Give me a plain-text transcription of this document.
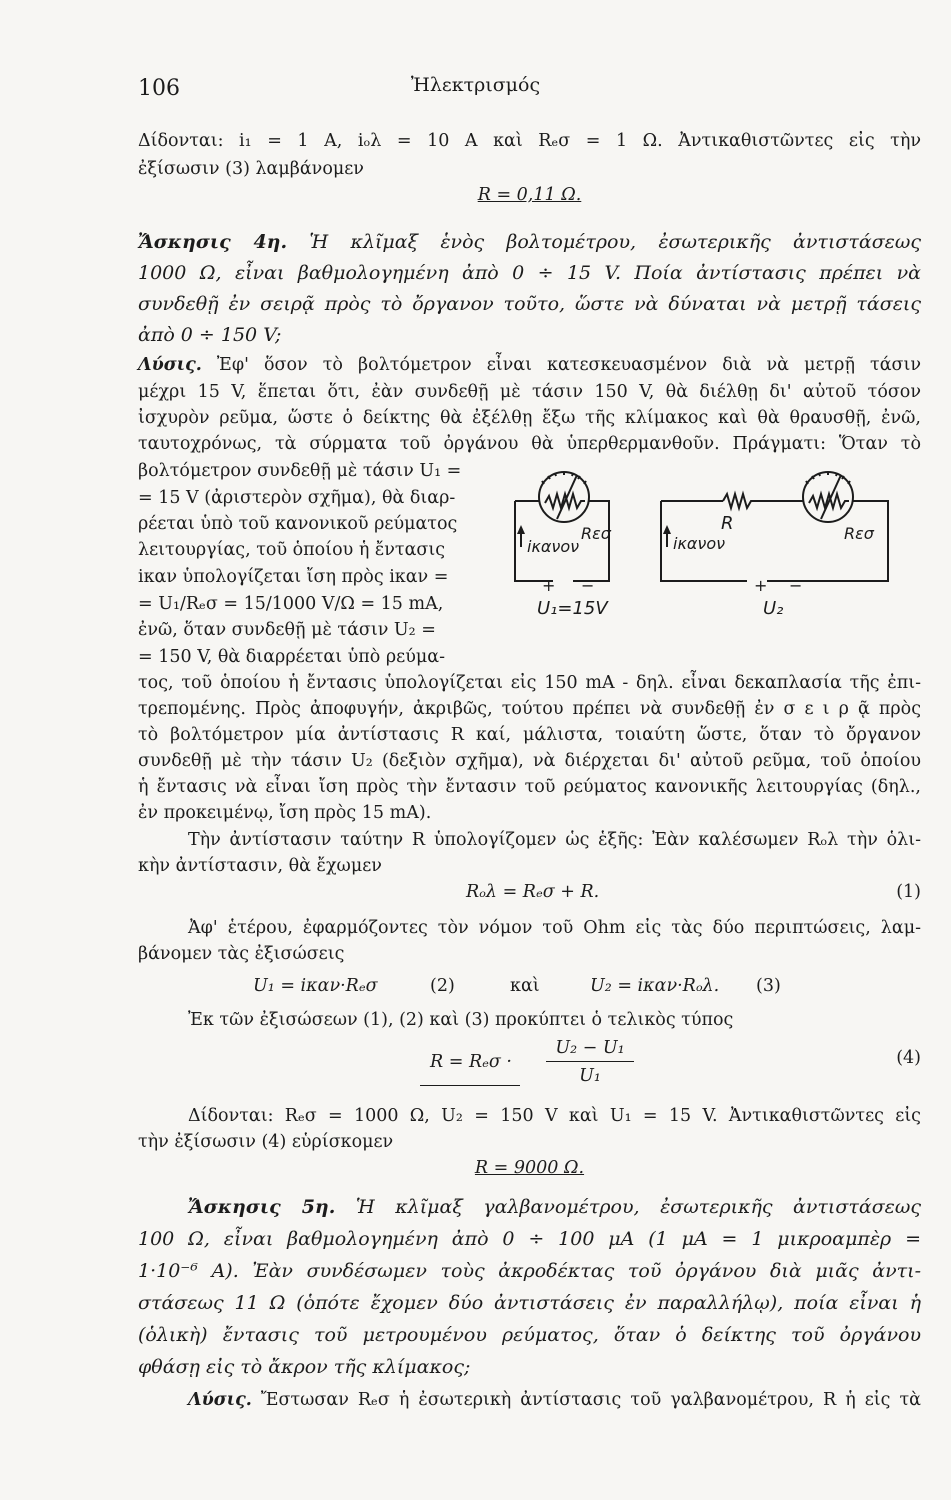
106	Ἠλεκτρισμός
Δίδονται: i₁ = 1 A, iₒλ = 10 A καὶ Rₑσ = 1 Ω. Ἀντικαθιστῶντες εἰς τὴν
ἐξίσωσιν (3) λαμβάνομεν
R = 0,11 Ω.
Ἄσκησις 4η. Ἡ κλῖμαξ ἑνὸς βολτομέτρου, ἐσωτερικῆς ἀντιστάσεως
1000 Ω, εἶναι βαθμολογημένη ἀπὸ 0 ÷ 15 V. Ποία ἀντίστασις πρέπει νὰ
συνδεθῇ ἐν σειρᾷ πρὸς τὸ ὄργανον τοῦτο, ὥστε νὰ δύναται νὰ μετρῇ τάσεις
ἀπὸ 0 ÷ 150 V;
Λύσις. Ἐφ' ὅσον τὸ βολτόμετρον εἶναι κατεσκευασμένον διὰ νὰ μετρῇ τάσιν
μέχρι 15 V, ἕπεται ὅτι, ἐὰν συνδεθῇ μὲ τάσιν 150 V, θὰ διέλθῃ δι' αὐτοῦ τόσον
ἰσχυρὸν ρεῦμα, ὥστε ὁ δείκτης θὰ ἐξέλθῃ ἔξω τῆς κλίμακος καὶ θὰ θραυσθῇ, ἐνῶ,
ταυτοχρόνως, τὰ σύρματα τοῦ ὀργάνου θὰ ὑπερθερμανθοῦν. Πράγματι: Ὅταν τὸ
βολτόμετρον συνδεθῇ μὲ τάσιν U₁ =
= 15 V (ἀριστερὸν σχῆμα), θὰ διαρ-
ρέεται ὑπὸ τοῦ κανονικοῦ ρεύματος
λειτουργίας, τοῦ ὁποίου ἡ ἔντασις
iκαν ὑπολογίζεται ἴση πρὸς iκαν =
= U₁/Rₑσ = 15/1000 V/Ω = 15 mA,
ἐνῶ, ὅταν συνδεθῇ μὲ τάσιν U₂ =
= 150 V, θὰ διαρρέεται ὑπὸ ρεύμα-
iκανον
Rεσ
+ −
U₁=15V
iκανον
R	Rεσ
+ −
U₂
τος, τοῦ ὁποίου ἡ ἔντασις ὑπολογίζεται εἰς 150 mA - δηλ. εἶναι δεκαπλασία τῆς ἐπι-
τρεπομένης. Πρὸς ἀποφυγήν, ἀκριβῶς, τούτου πρέπει νὰ συνδεθῇ ἐν σ ε ι ρ ᾷ πρὸς
τὸ βολτόμετρον μία ἀντίστασις R καί, μάλιστα, τοιαύτη ὥστε, ὅταν τὸ ὄργανον
συνδεθῇ μὲ τὴν τάσιν U₂ (δεξιὸν σχῆμα), νὰ διέρχεται δι' αὐτοῦ ρεῦμα, τοῦ ὁποίου
ἡ ἔντασις νὰ εἶναι ἴση πρὸς τὴν ἔντασιν τοῦ ρεύματος κανονικῆς λειτουργίας (δηλ.,
ἐν προκειμένῳ, ἴση πρὸς 15 mA).
Τὴν ἀντίστασιν ταύτην R ὑπολογίζομεν ὡς ἑξῆς: Ἐὰν καλέσωμεν Rₒλ τὴν ὁλι-
κὴν ἀντίστασιν, θὰ ἔχωμεν
Rₒλ = Rₑσ + R.	(1)
Ἀφ' ἑτέρου, ἐφαρμόζοντες τὸν νόμον τοῦ Ohm εἰς τὰς δύο περιπτώσεις, λαμ-
βάνομεν τὰς ἐξισώσεις
U₁ = iκαν·Rₑσ	(2)	καὶ	U₂ = iκαν·Rₒλ. (3)
Ἐκ τῶν ἐξισώσεων (1), (2) καὶ (3) προκύπτει ὁ τελικὸς τύπος
R = Rₑσ ·
U₂ − U₁
U₁
(4)
Δίδονται: Rₑσ = 1000 Ω, U₂ = 150 V καὶ U₁ = 15 V. Ἀντικαθιστῶντες εἰς
τὴν ἐξίσωσιν (4) εὑρίσκομεν
R = 9000 Ω.
Ἄσκησις 5η. Ἡ κλῖμαξ γαλβανομέτρου, ἐσωτερικῆς ἀντιστάσεως
100 Ω, εἶναι βαθμολογημένη ἀπὸ 0 ÷ 100 μA (1 μA = 1 μικροαμπὲρ =
1·10⁻⁶ A). Ἐὰν συνδέσωμεν τοὺς ἀκροδέκτας τοῦ ὀργάνου διὰ μιᾶς ἀντι-
στάσεως 11 Ω (ὁπότε ἔχομεν δύο ἀντιστάσεις ἐν παραλλήλῳ), ποία εἶναι ἡ
(ὁλικὴ) ἔντασις τοῦ μετρουμένου ρεύματος, ὅταν ὁ δείκτης τοῦ ὀργάνου
φθάσῃ εἰς τὸ ἄκρον τῆς κλίμακος;
Λύσις. Ἔστωσαν Rₑσ ἡ ἐσωτερικὴ ἀντίστασις τοῦ γαλβανομέτρου, R ἡ εἰς τὰ
